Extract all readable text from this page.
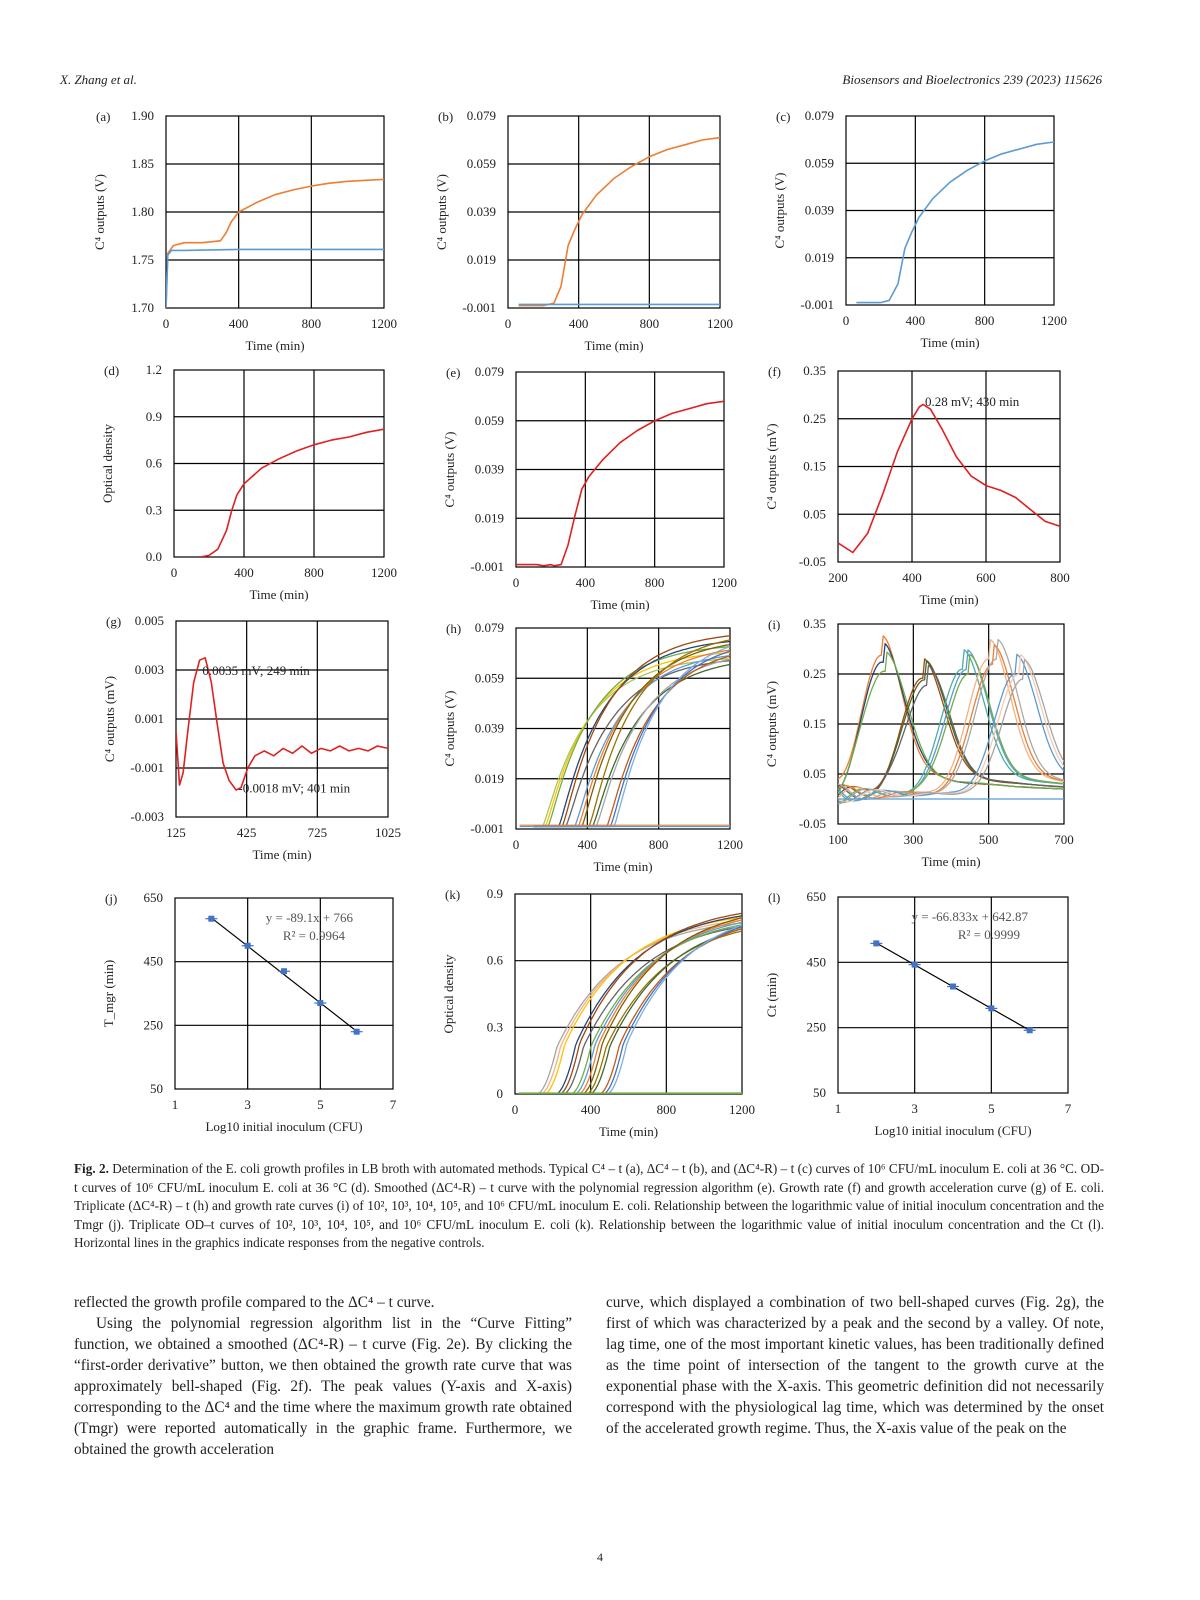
X. Zhang et al.	Biosensors and Bioelectronics 239 (2023) 115626
0	400	800	1200
1.70
1.75
1.80
1.85
1.90
Time (min)
C⁴ outputs (V)
(a)
0	400	800	1200
-0.001
0.019
0.039
0.059
0.079
Time (min)
C⁴ outputs (V)
(b)
0	400	800	1200
-0.001
0.019
0.039
0.059
0.079
Time (min)
C⁴ outputs (V)
(c)
0	400	800	1200
0.0
0.3
0.6
0.9
1.2
Time (min)
Optical density
(d)
0	400	800	1200
-0.001
0.019
0.039
0.059
0.079
Time (min)
C⁴ outputs (V)
(e)
200	400	600	800
-0.05
0.05
0.15
0.25
0.35
Time (min)
C⁴ outputs (mV)
(f)
0.28 mV; 430 min
125	425	725	1025
-0.003
-0.001
0.001
0.003
0.005
Time (min)
C⁴ outputs (mV)
(g)
0.0035 mV; 249 min
-0.0018 mV; 401 min
0	400	800	1200
-0.001
0.019
0.039
0.059
0.079
Time (min)
C⁴ outputs (V)
(h)
100	300	500	700
-0.05
0.05
0.15
0.25
0.35
Time (min)
C⁴ outputs (mV)
(i)
1	3	5	7
50
250
450
650
Log10 initial inoculum (CFU)
T_mgr (min)
(j)
y = -89.1x + 766
R² = 0.9964
0	400	800	1200
0
0.3
0.6
0.9
Time (min)
Optical density
(k)
1	3	5	7
50
250
450
650
Log10 initial inoculum (CFU)
Ct (min)
(l)
y = -66.833x + 642.87
R² = 0.9999
Fig. 2. Determination of the E. coli growth profiles in LB broth with automated methods. Typical C⁴ – t (a), ΔC⁴ – t (b), and (ΔC⁴-R) – t (c) curves of 10⁶ CFU/mL inoculum E. coli at 36 °C. OD-t curves of 10⁶ CFU/mL inoculum E. coli at 36 °C (d). Smoothed (ΔC⁴-R) – t curve with the polynomial regression algorithm (e). Growth rate (f) and growth acceleration curve (g) of E. coli. Triplicate (ΔC⁴-R) – t (h) and growth rate curves (i) of 10², 10³, 10⁴, 10⁵, and 10⁶ CFU/mL inoculum E. coli. Relationship between the logarithmic value of initial inoculum concentration and the Tmgr (j). Triplicate OD–t curves of 10², 10³, 10⁴, 10⁵, and 10⁶ CFU/mL inoculum E. coli (k). Relationship between the logarithmic value of initial inoculum concentration and the Ct (l). Horizontal lines in the graphics indicate responses from the negative controls.

reflected the growth profile compared to the ΔC⁴ – t curve.

Using the polynomial regression algorithm list in the “Curve Fitting” function, we obtained a smoothed (ΔC⁴-R) – t curve (Fig. 2e). By clicking the “first-order derivative” button, we then obtained the growth rate curve that was approximately bell-shaped (Fig. 2f). The peak values (Y-axis and X-axis) corresponding to the ΔC⁴ and the time where the maximum growth rate obtained (Tmgr) were reported automatically in the graphic frame. Furthermore, we obtained the growth acceleration

curve, which displayed a combination of two bell-shaped curves (Fig. 2g), the first of which was characterized by a peak and the second by a valley. Of note, lag time, one of the most important kinetic values, has been traditionally defined as the time point of intersection of the tangent to the growth curve at the exponential phase with the X-axis. This geometric definition did not necessarily correspond with the physiological lag time, which was determined by the onset of the accelerated growth regime. Thus, the X-axis value of the peak on the

4
